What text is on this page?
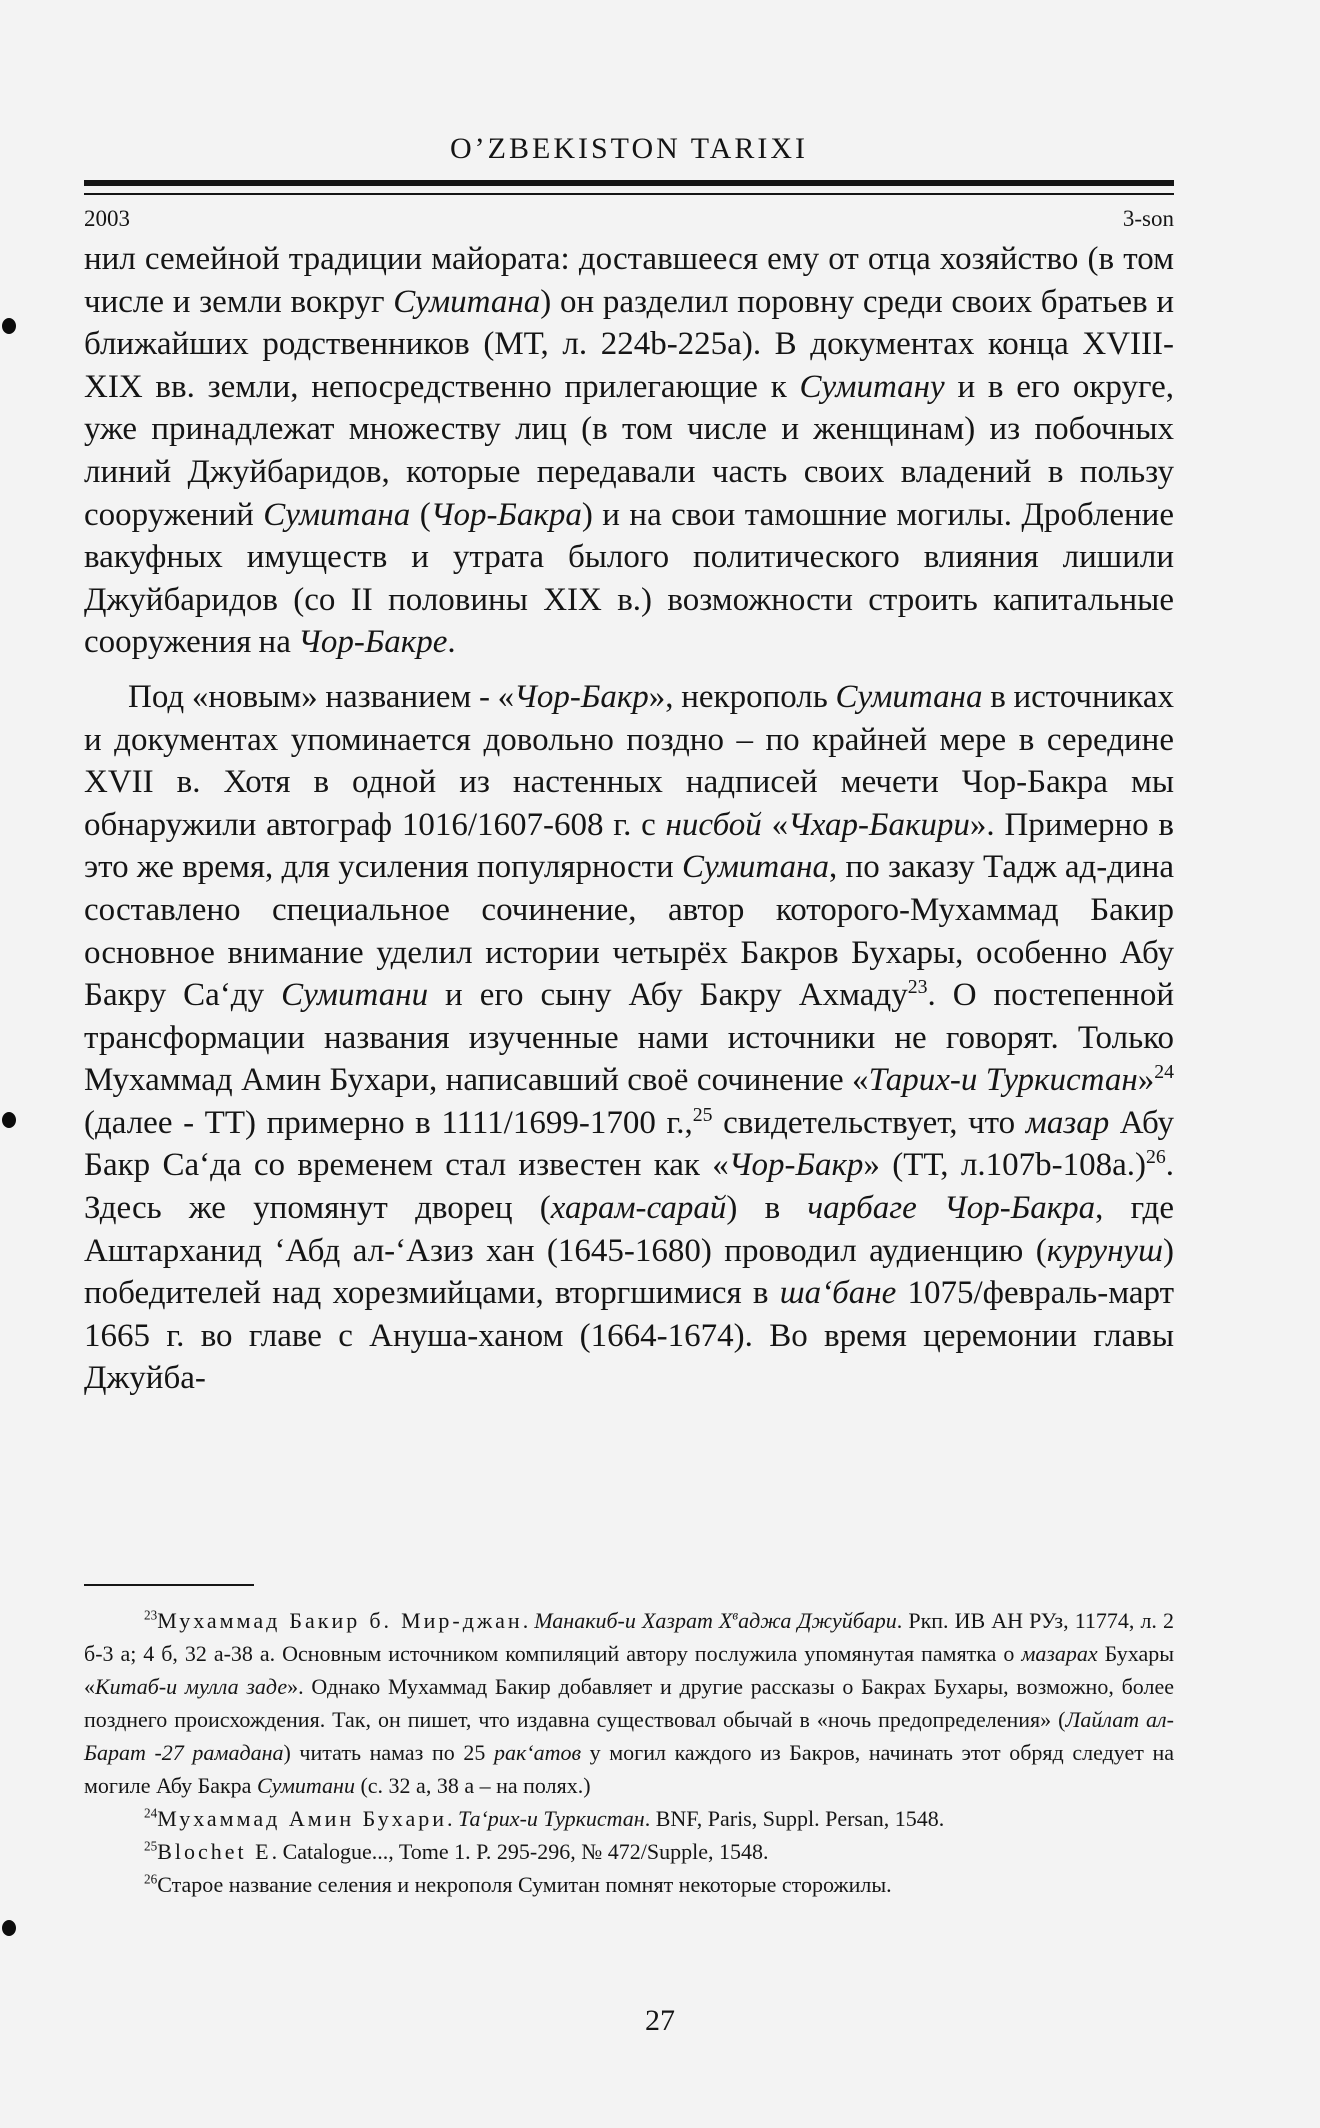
O’ZBEKISTON TARIXI
2003	3-son

нил семейной традиции майората: доставшееся ему от отца хозяйство (в том числе и земли вокруг Сумитана) он разделил поровну среди своих братьев и ближайших родственников (МТ, л. 224b-225a). В документах конца XVIII-XIX вв. земли, непосредственно прилегающие к Сумитану и в его округе, уже принадлежат множеству лиц (в том числе и женщинам) из побочных линий Джуйбаридов, которые передавали часть своих владений в пользу сооружений Сумитана (Чор-Бакра) и на свои тамошние могилы. Дробление вакуфных имуществ и утрата былого политического влияния лишили Джуйбаридов (со II половины XIX в.) возможности строить капитальные сооружения на Чор-Бакре.

Под «новым» названием - «Чор-Бакр», некрополь Сумитана в источниках и документах упоминается довольно поздно – по крайней мере в середине XVII в. Хотя в одной из настенных надписей мечети Чор-Бакра мы обнаружили автограф 1016/1607-608 г. с нисбой «Чхар-Бакири». Примерно в это же время, для усиления популярности Сумитана, по заказу Тадж ад-дина составлено специальное сочинение, автор которого-Мухаммад Бакир основное внимание уделил истории четырёх Бакров Бухары, особенно Абу Бакру Са‘ду Сумитани и его сыну Абу Бакру Ахмаду$^{23}$. О постепенной трансформации названия изученные нами источники не говорят. Только Мухаммад Амин Бухари, написавший своё сочинение «Тарих-и Туркистан»$^{24}$ (далее - ТТ) примерно в 1111/1699-1700 г.,$^{25}$ свидетельствует, что мазар Абу Бакр Са‘да со временем стал известен как «Чор-Бакр» (ТТ, л.107b-108a.)$^{26}$. Здесь же упомянут дворец (харам-сарай) в чарбаге Чор-Бакра, где Аштарханид ‘Абд ал-‘Азиз хан (1645-1680) проводил аудиенцию (курунуш) победителей над хорезмийцами, вторгшимися в ша‘бане 1075/февраль-март 1665 г. во главе с Ануша-ханом (1664-1674). Во время церемонии главы Джуйба-

$^{23}$Мухаммад Бакир б. Мир-джан. Манакиб-и Хазрат $Х^ваджа$ Джуйбари. Ркп. ИВ АН РУз, 11774, л. 2 б-3 а; 4 б, 32 а-38 а. Основным источником компиляций автору послужила упомянутая памятка о мазарах Бухары «Китаб-и мулла заде». Однако Мухаммад Бакир добавляет и другие рассказы о Бакрах Бухары, возможно, более позднего происхождения. Так, он пишет, что издавна существовал обычай в «ночь предопределения» (Лайлат ал-Барат -27 рамадана) читать намаз по 25 рак‘атов у могил каждого из Бакров, начинать этот обряд следует на могиле Абу Бакра Сумитани (с. 32 а, 38 а – на полях.)

$^{24}$Мухаммад Амин Бухари. Та‘рих-и Туркистан. BNF, Paris, Suppl. Persan, 1548.

$^{25}$Blochet E. Catalogue..., Tome 1. P. 295-296, № 472/Supple, 1548.

$^{26}$Старое название селения и некрополя Сумитан помнят некоторые сторожилы.

27
